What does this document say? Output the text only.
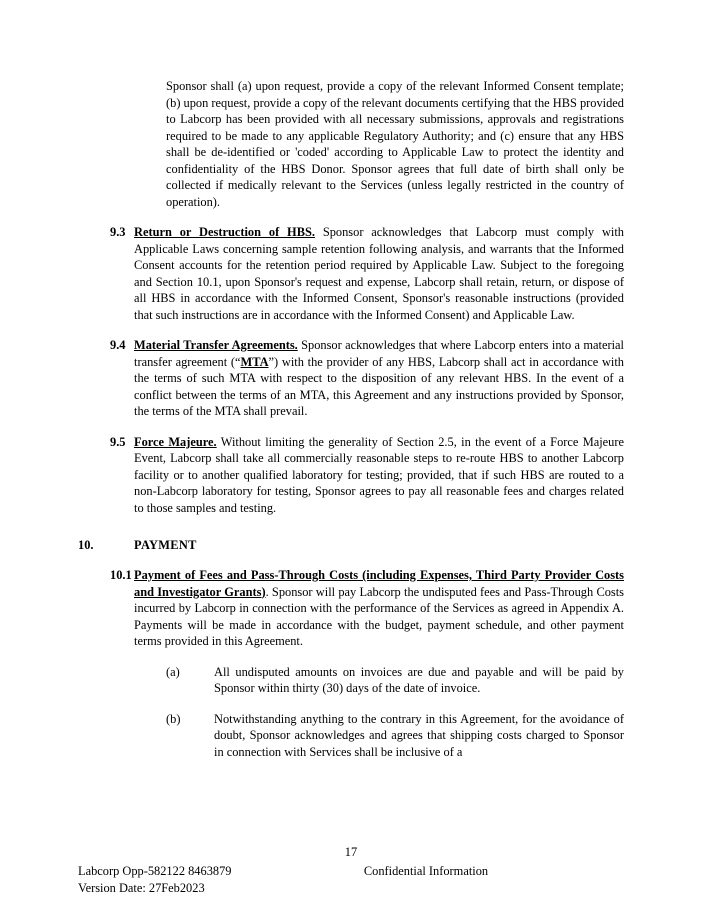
Sponsor shall (a) upon request, provide a copy of the relevant Informed Consent template; (b) upon request, provide a copy of the relevant documents certifying that the HBS provided to Labcorp has been provided with all necessary submissions, approvals and registrations required to be made to any applicable Regulatory Authority; and (c) ensure that any HBS shall be de-identified or 'coded' according to Applicable Law to protect the identity and confidentiality of the HBS Donor. Sponsor agrees that full date of birth shall only be collected if medically relevant to the Services (unless legally restricted in the country of operation).

9.3 Return or Destruction of HBS. Sponsor acknowledges that Labcorp must comply with Applicable Laws concerning sample retention following analysis, and warrants that the Informed Consent accounts for the retention period required by Applicable Law. Subject to the foregoing and Section 10.1, upon Sponsor's request and expense, Labcorp shall retain, return, or dispose of all HBS in accordance with the Informed Consent, Sponsor's reasonable instructions (provided that such instructions are in accordance with the Informed Consent) and Applicable Law.
9.4 Material Transfer Agreements. Sponsor acknowledges that where Labcorp enters into a material transfer agreement (“MTA”) with the provider of any HBS, Labcorp shall act in accordance with the terms of such MTA with respect to the disposition of any relevant HBS. In the event of a conflict between the terms of an MTA, this Agreement and any instructions provided by Sponsor, the terms of the MTA shall prevail.
9.5 Force Majeure. Without limiting the generality of Section 2.5, in the event of a Force Majeure Event, Labcorp shall take all commercially reasonable steps to re-route HBS to another Labcorp facility or to another qualified laboratory for testing; provided, that if such HBS are routed to a non-Labcorp laboratory for testing, Sponsor agrees to pay all reasonable fees and charges related to those samples and testing.
10.	PAYMENT
10.1 Payment of Fees and Pass-Through Costs (including Expenses, Third Party Provider Costs and Investigator Grants). Sponsor will pay Labcorp the undisputed fees and Pass-Through Costs incurred by Labcorp in connection with the performance of the Services as agreed in Appendix A. Payments will be made in accordance with the budget, payment schedule, and other payment terms provided in this Agreement.
(a)	All undisputed amounts on invoices are due and payable and will be paid by Sponsor within thirty (30) days of the date of invoice.
(b)	Notwithstanding anything to the contrary in this Agreement, for the avoidance of doubt, Sponsor acknowledges and agrees that shipping costs charged to Sponsor in connection with Services shall be inclusive of a
17
Labcorp Opp-582122 8463879	Confidential Information
Version Date: 27Feb2023
